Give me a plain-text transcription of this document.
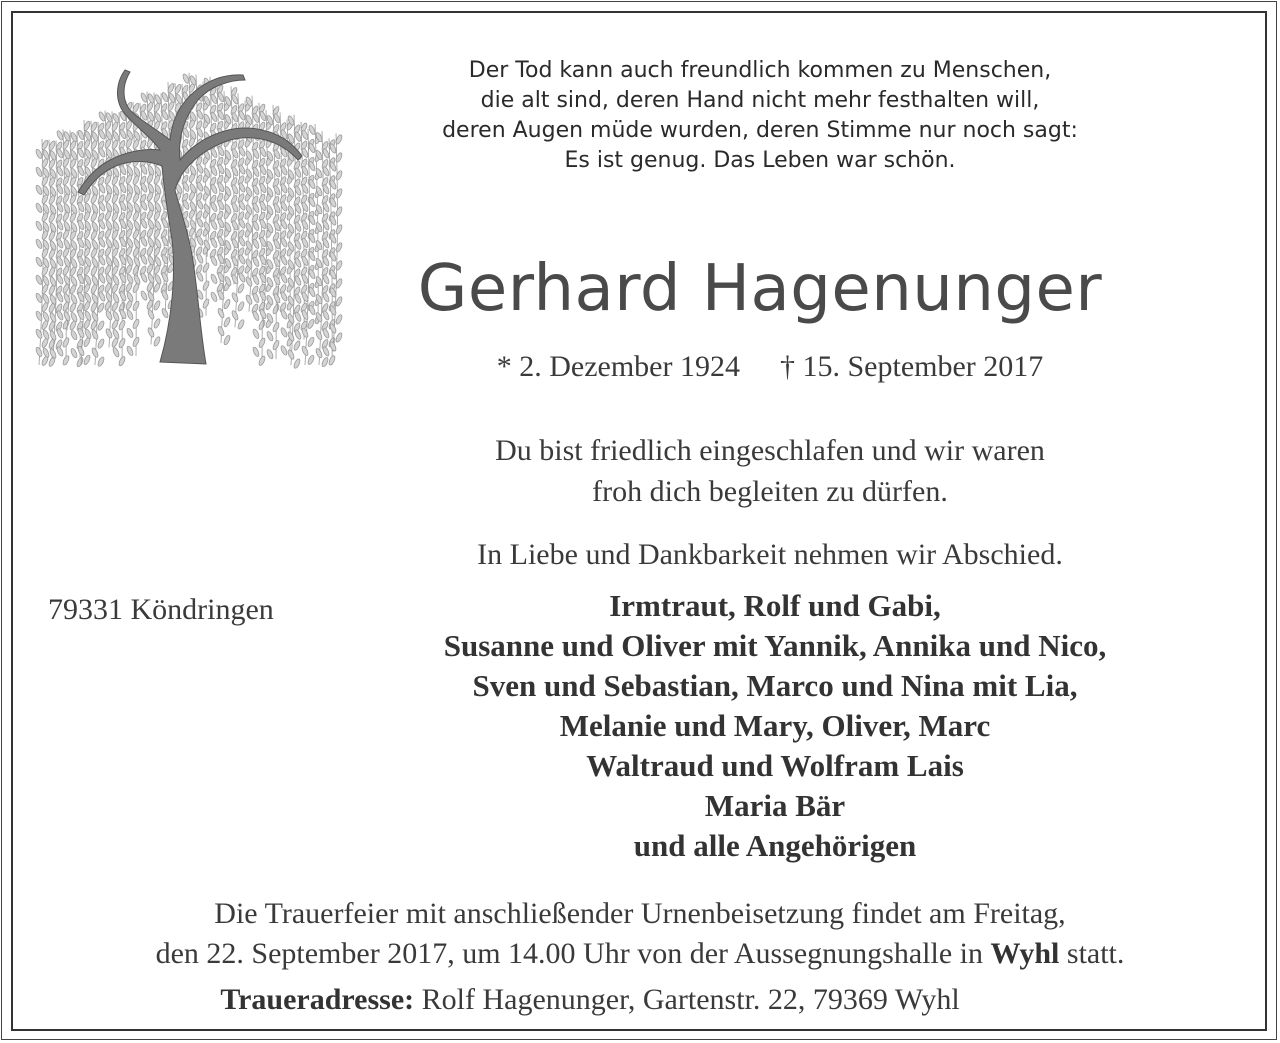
Der Tod kann auch freundlich kommen zu Menschen,
die alt sind, deren Hand nicht mehr festhalten will,
deren Augen müde wurden, deren Stimme nur noch sagt:
Es ist genug. Das Leben war schön.
Gerhard Hagenunger
* 2. Dezember 1924 † 15. September 2017
Du bist friedlich eingeschlafen und wir waren
froh dich begleiten zu dürfen.
In Liebe und Dankbarkeit nehmen wir Abschied.
79331 Köndringen	Irmtraut, Rolf und Gabi,
Susanne und Oliver mit Yannik, Annika und Nico,
Sven und Sebastian, Marco und Nina mit Lia,
Melanie und Mary, Oliver, Marc
Waltraud und Wolfram Lais
Maria Bär
und alle Angehörigen
Die Trauerfeier mit anschließender Urnenbeisetzung findet am Freitag,
den 22. September 2017, um 14.00 Uhr von der Aussegnungshalle in Wyhl statt.
Traueradresse: Rolf Hagenunger, Gartenstr. 22, 79369 Wyhl
